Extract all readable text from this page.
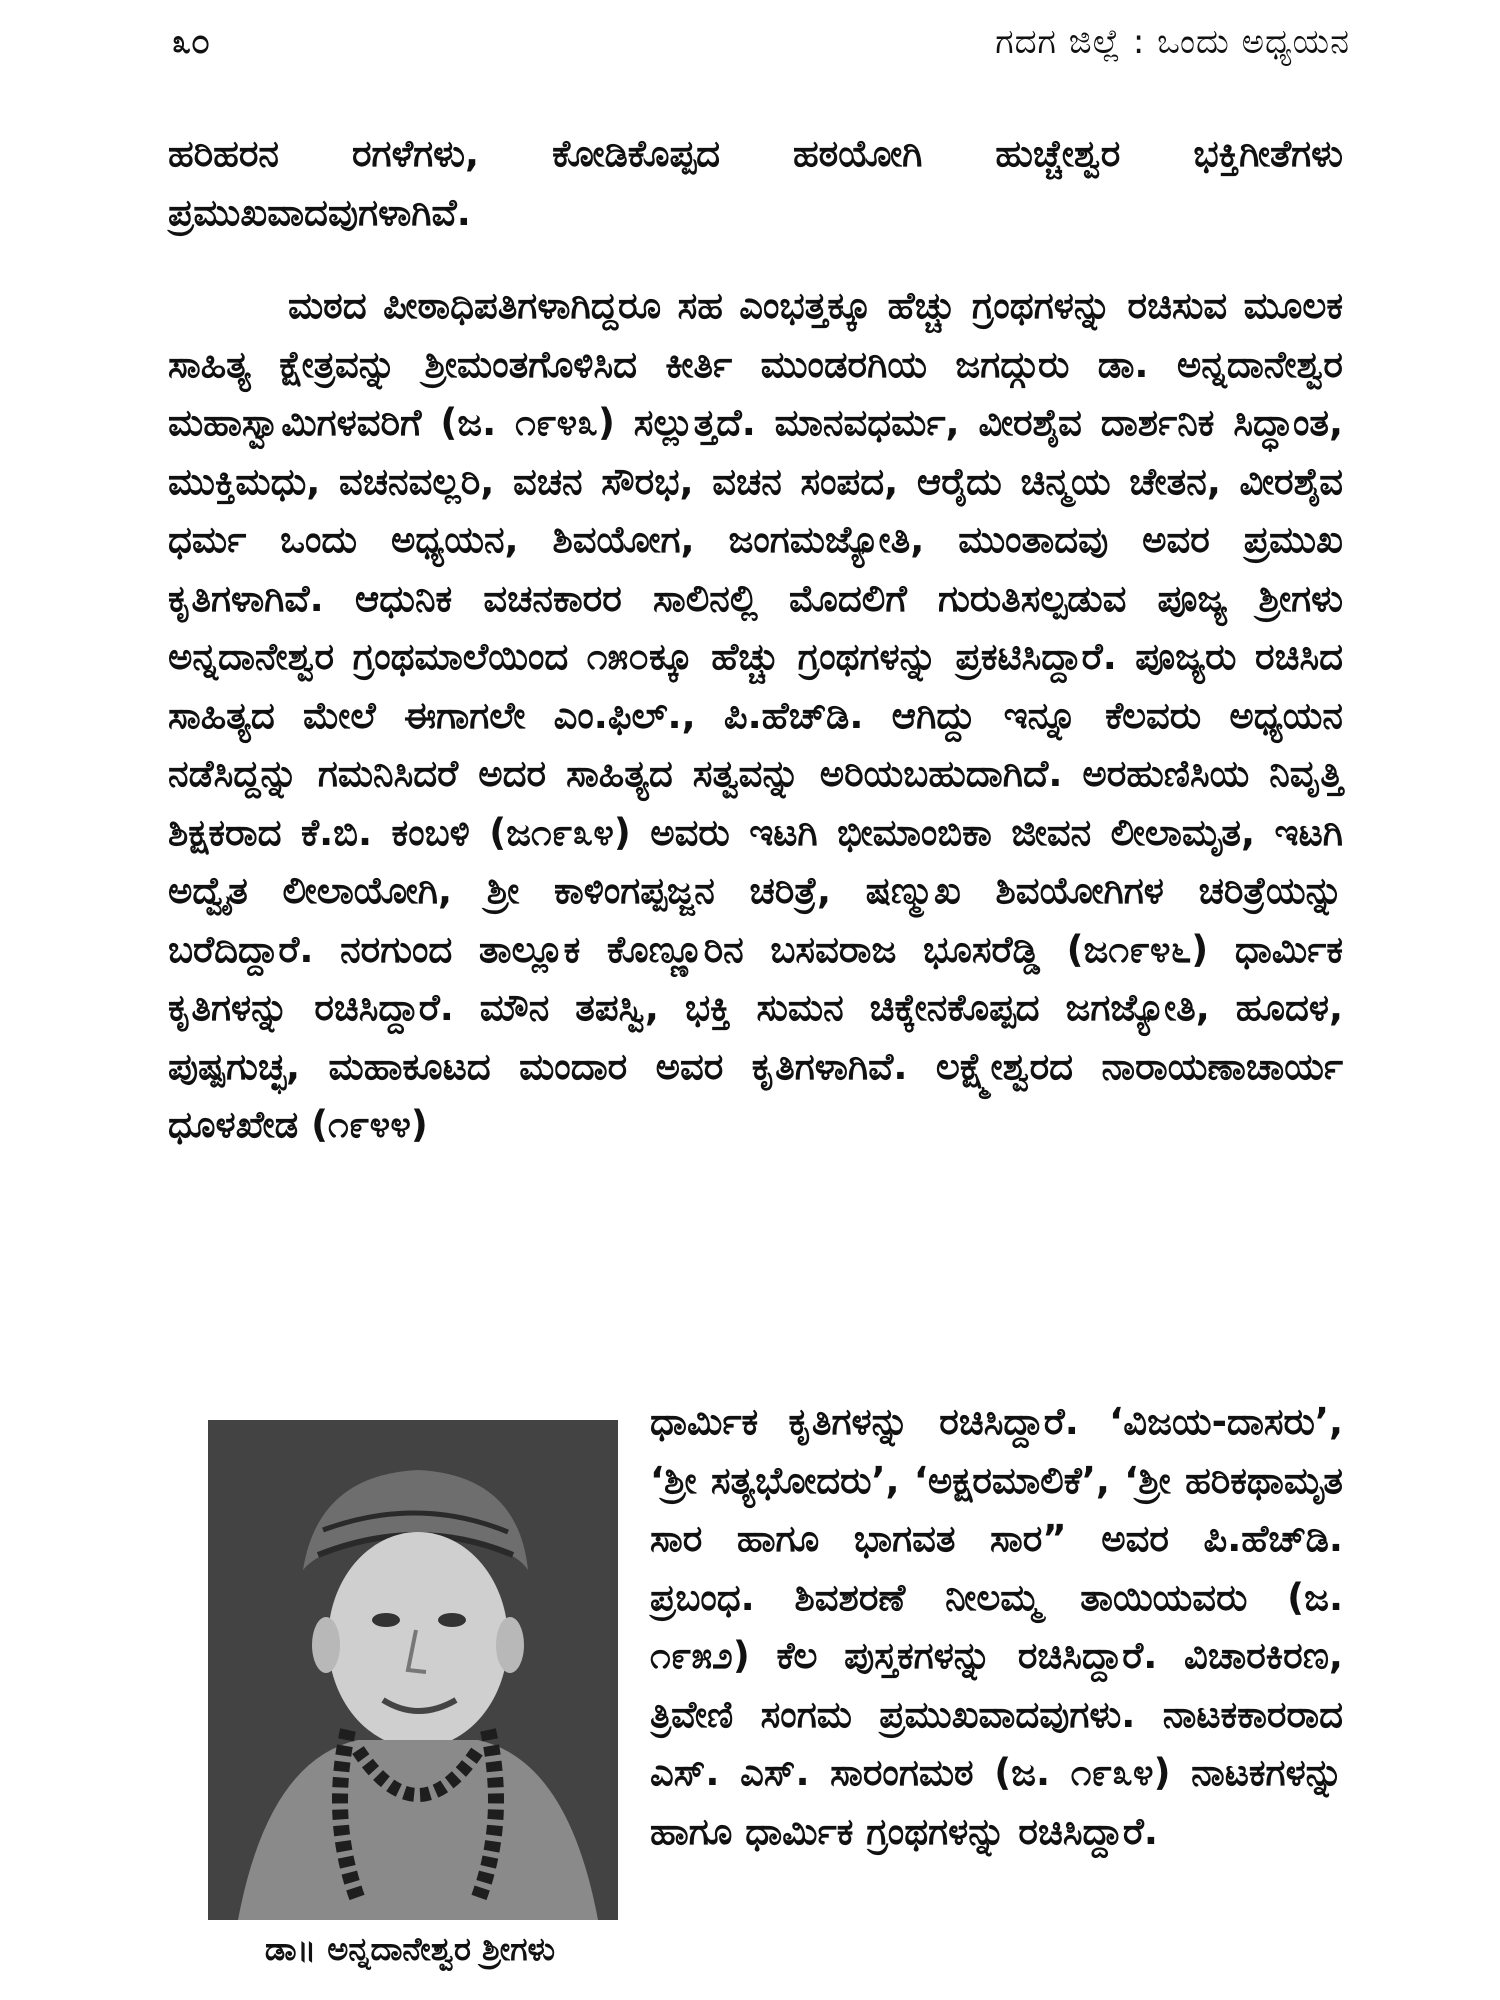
೩೦	ಗದಗ ಜಿಲ್ಲೆ : ಒಂದು ಅಧ್ಯಯನ

ಹರಿಹರನ ರಗಳೆಗಳು, ಕೋಡಿಕೊಪ್ಪದ ಹಠಯೋಗಿ ಹುಚ್ಚೇಶ್ವರ ಭಕ್ತಿಗೀತೆಗಳು ಪ್ರಮುಖವಾದವುಗಳಾಗಿವೆ.

ಮಠದ ಪೀಠಾಧಿಪತಿಗಳಾಗಿದ್ದರೂ ಸಹ ಎಂಭತ್ತಕ್ಕೂ ಹೆಚ್ಚು ಗ್ರಂಥಗಳನ್ನು ರಚಿಸುವ ಮೂಲಕ ಸಾಹಿತ್ಯ ಕ್ಷೇತ್ರವನ್ನು ಶ್ರೀಮಂತಗೊಳಿಸಿದ ಕೀರ್ತಿ ಮುಂಡರಗಿಯ ಜಗದ್ಗುರು ಡಾ. ಅನ್ನದಾನೇಶ್ವರ ಮಹಾಸ್ವಾಮಿಗಳವರಿಗೆ (ಜ. ೧೯೪೩) ಸಲ್ಲುತ್ತದೆ. ಮಾನವಧರ್ಮ, ವೀರಶೈವ ದಾರ್ಶನಿಕ ಸಿದ್ಧಾಂತ, ಮುಕ್ತಿಮಧು, ವಚನವಲ್ಲರಿ, ವಚನ ಸೌರಭ, ವಚನ ಸಂಪದ, ಆರೈದು ಚಿನ್ಮಯ ಚೇತನ, ವೀರಶೈವ ಧರ್ಮ ಒಂದು ಅಧ್ಯಯನ, ಶಿವಯೋಗ, ಜಂಗಮಜ್ಯೋತಿ, ಮುಂತಾದವು ಅವರ ಪ್ರಮುಖ ಕೃತಿಗಳಾಗಿವೆ. ಆಧುನಿಕ ವಚನಕಾರರ ಸಾಲಿನಲ್ಲಿ ಮೊದಲಿಗೆ ಗುರುತಿಸಲ್ಪಡುವ ಪೂಜ್ಯ ಶ್ರೀಗಳು ಅನ್ನದಾನೇಶ್ವರ ಗ್ರಂಥಮಾಲೆಯಿಂದ ೧೫೦ಕ್ಕೂ ಹೆಚ್ಚು ಗ್ರಂಥಗಳನ್ನು ಪ್ರಕಟಿಸಿದ್ದಾರೆ. ಪೂಜ್ಯರು ರಚಿಸಿದ ಸಾಹಿತ್ಯದ ಮೇಲೆ ಈಗಾಗಲೇ ಎಂ.ಫಿಲ್., ಪಿ.ಹೆಚ್‌ಡಿ. ಆಗಿದ್ದು ಇನ್ನೂ ಕೆಲವರು ಅಧ್ಯಯನ ನಡೆಸಿದ್ದನ್ನು ಗಮನಿಸಿದರೆ ಅದರ ಸಾಹಿತ್ಯದ ಸತ್ವವನ್ನು ಅರಿಯಬಹುದಾಗಿದೆ. ಅರಹುಣಿಸಿಯ ನಿವೃತ್ತಿ ಶಿಕ್ಷಕರಾದ ಕೆ.ಬಿ. ಕಂಬಳಿ (ಜ೧೯೩೪) ಅವರು ಇಟಗಿ ಭೀಮಾಂಬಿಕಾ ಜೀವನ ಲೀಲಾಮೃತ, ಇಟಗಿ ಅದ್ವೈತ ಲೀಲಾಯೋಗಿ, ಶ್ರೀ ಕಾಳಿಂಗಪ್ಪಜ್ಜನ ಚರಿತ್ರೆ, ಷಣ್ಮುಖ ಶಿವಯೋಗಿಗಳ ಚರಿತ್ರೆಯನ್ನು ಬರೆದಿದ್ದಾರೆ. ನರಗುಂದ ತಾಲ್ಲೂಕ ಕೊಣ್ಣೂರಿನ ಬಸವರಾಜ ಭೂಸರೆಡ್ಡಿ (ಜ೧೯೪೬) ಧಾರ್ಮಿಕ ಕೃತಿಗಳನ್ನು ರಚಿಸಿದ್ದಾರೆ. ಮೌನ ತಪಸ್ವಿ, ಭಕ್ತಿ ಸುಮನ ಚಿಕ್ಕೇನಕೊಪ್ಪದ ಜಗಜ್ಯೋತಿ, ಹೂದಳ, ಪುಷ್ಪಗುಚ್ಛ, ಮಹಾಕೂಟದ ಮಂದಾರ ಅವರ ಕೃತಿಗಳಾಗಿವೆ. ಲಕ್ಷ್ಮೇಶ್ವರದ ನಾರಾಯಣಾಚಾರ್ಯ ಧೂಳಖೇಡ (೧೯೪೪)

ಡಾ॥ ಅನ್ನದಾನೇಶ್ವರ ಶ್ರೀಗಳು

ಧಾರ್ಮಿಕ ಕೃತಿಗಳನ್ನು ರಚಿಸಿದ್ದಾರೆ. ‘ವಿಜಯ-ದಾಸರು’, ‘ಶ್ರೀ ಸತ್ಯಭೋದರು’, ‘ಅಕ್ಷರಮಾಲಿಕೆ’, ‘ಶ್ರೀ ಹರಿಕಥಾಮೃತ ಸಾರ ಹಾಗೂ ಭಾಗವತ ಸಾರ” ಅವರ ಪಿ.ಹೆಚ್‌ಡಿ. ಪ್ರಬಂಧ. ಶಿವಶರಣೆ ನೀಲಮ್ಮ ತಾಯಿಯವರು (ಜ. ೧೯೫೨) ಕೆಲ ಪುಸ್ತಕಗಳನ್ನು ರಚಿಸಿದ್ದಾರೆ. ವಿಚಾರಕಿರಣ, ತ್ರಿವೇಣಿ ಸಂಗಮ ಪ್ರಮುಖವಾದವುಗಳು. ನಾಟಕಕಾರರಾದ ಎಸ್. ಎಸ್. ಸಾರಂಗಮಠ (ಜ. ೧೯೩೪) ನಾಟಕಗಳನ್ನು ಹಾಗೂ ಧಾರ್ಮಿಕ ಗ್ರಂಥಗಳನ್ನು ರಚಿಸಿದ್ದಾರೆ.
